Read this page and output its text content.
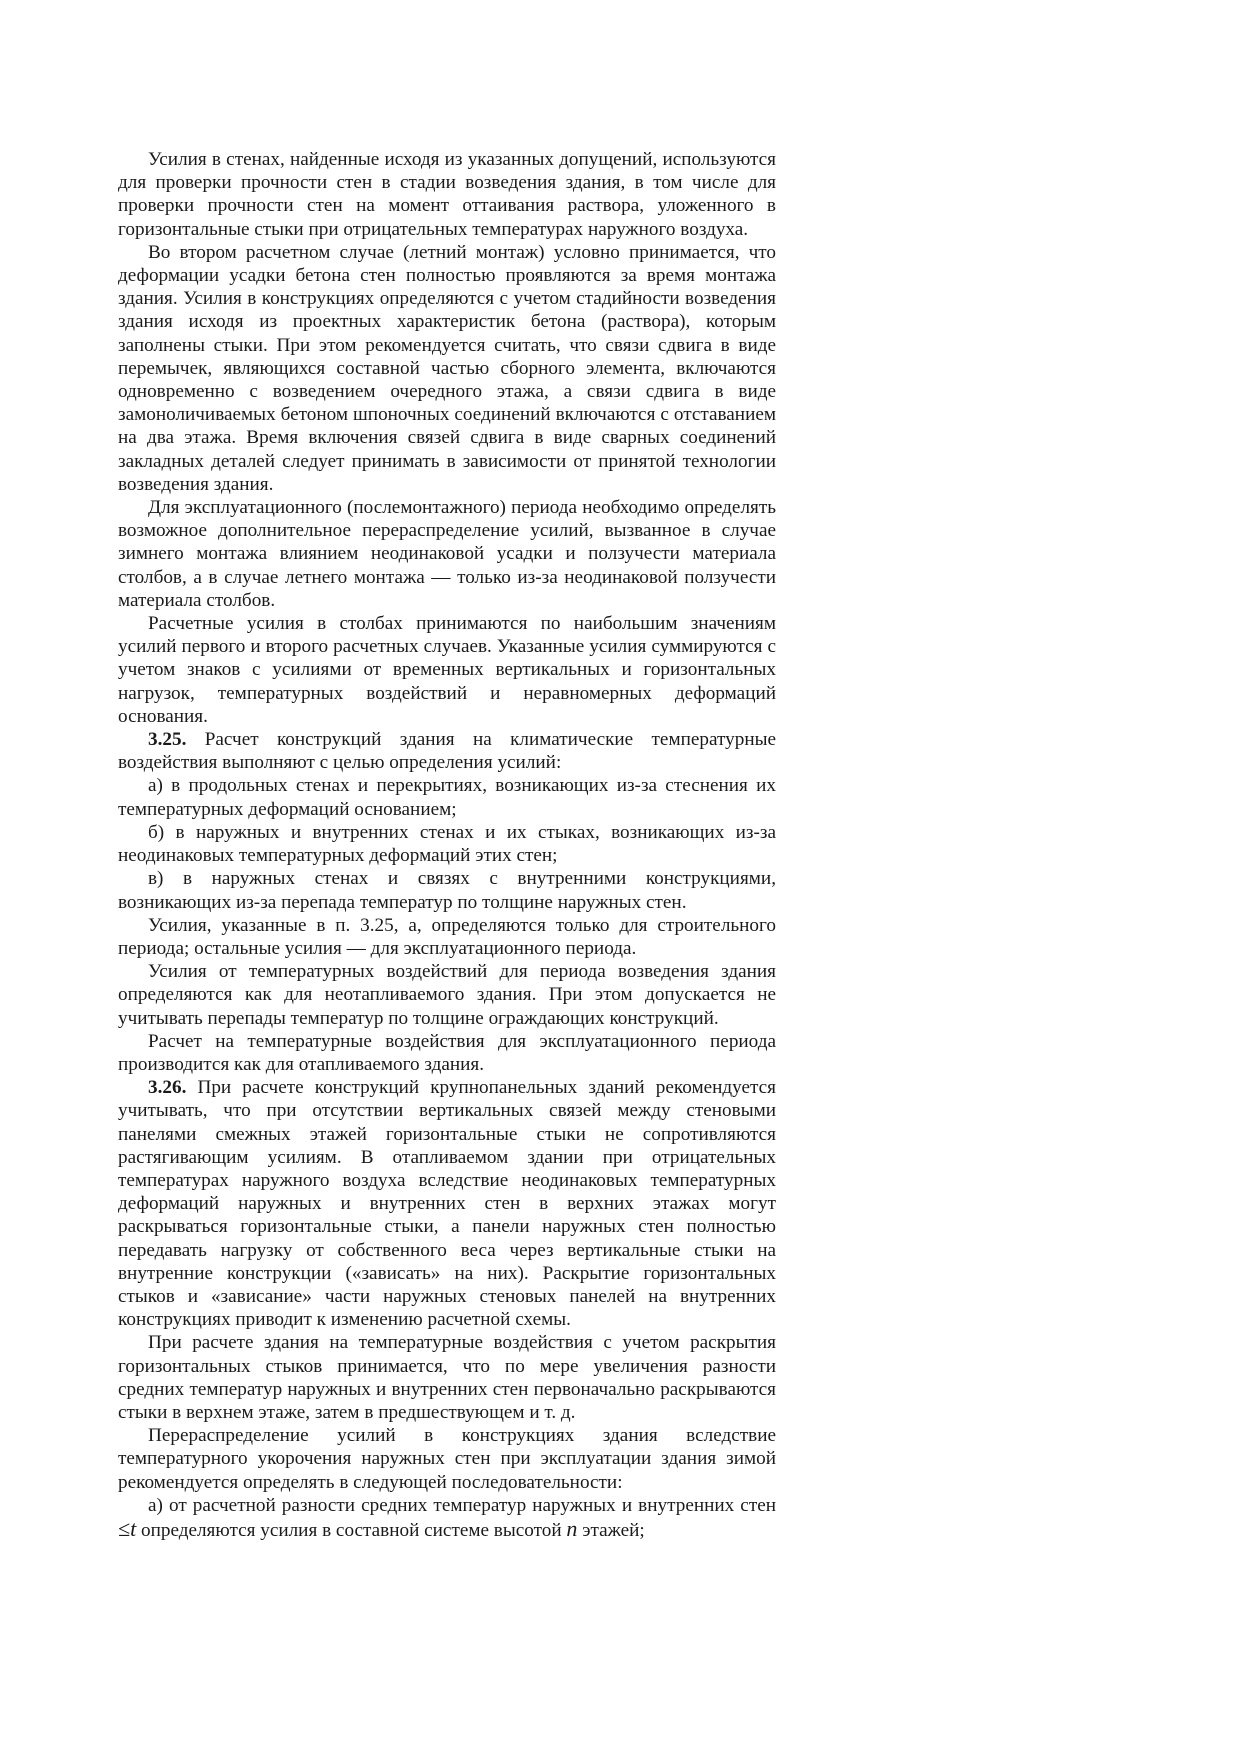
Усилия в стенах, найденные исходя из указанных допущений, используются для проверки прочности стен в стадии возведения здания, в том числе для проверки прочности стен на момент оттаивания раствора, уложенного в горизонтальные стыки при отрицательных температурах наружного воздуха.

Во втором расчетном случае (летний монтаж) условно принимается, что деформации усадки бетона стен полностью проявляются за время монтажа здания. Усилия в конструкциях определяются с учетом стадийности возведения здания исходя из проектных характеристик бетона (раствора), которым заполнены стыки. При этом рекомендуется считать, что связи сдвига в виде перемычек, являющихся составной частью сборного элемента, включаются одновременно с возведением очередного этажа, а связи сдвига в виде замоноличиваемых бетоном шпоночных соединений включаются с отставанием на два этажа. Время включения связей сдвига в виде сварных соединений закладных деталей следует принимать в зависимости от принятой технологии возведения здания.

Для эксплуатационного (послемонтажного) периода необходимо определять возможное дополнительное перераспределение усилий, вызванное в случае зимнего монтажа влиянием неодинаковой усадки и ползучести материала столбов, а в случае летнего монтажа — только из-за неодинаковой ползучести материала столбов.

Расчетные усилия в столбах принимаются по наибольшим значениям усилий первого и второго расчетных случаев. Указанные усилия суммируются с учетом знаков с усилиями от временных вертикальных и горизонтальных нагрузок, температурных воздействий и неравномерных деформаций основания.

3.25. Расчет конструкций здания на климатические температурные воздействия выполняют с целью определения усилий:

а) в продольных стенах и перекрытиях, возникающих из-за стеснения их температурных деформаций основанием;

б) в наружных и внутренних стенах и их стыках, возникающих из-за неодинаковых температурных деформаций этих стен;

в) в наружных стенах и связях с внутренними конструкциями, возникающих из-за перепада температур по толщине наружных стен.

Усилия, указанные в п. 3.25, а, определяются только для строительного периода; остальные усилия — для эксплуатационного периода.

Усилия от температурных воздействий для периода возведения здания определяются как для неотапливаемого здания. При этом допускается не учитывать перепады температур по толщине ограждающих конструкций.

Расчет на температурные воздействия для эксплуатационного периода производится как для отапливаемого здания.

3.26. При расчете конструкций крупнопанельных зданий рекомендуется учитывать, что при отсутствии вертикальных связей между стеновыми панелями смежных этажей горизонтальные стыки не сопротивляются растягивающим усилиям. В отапливаемом здании при отрицательных температурах наружного воздуха вследствие неодинаковых температурных деформаций наружных и внутренних стен в верхних этажах могут раскрываться горизонтальные стыки, а панели наружных стен полностью передавать нагрузку от собственного веса через вертикальные стыки на внутренние конструкции («зависать» на них). Раскрытие горизонтальных стыков и «зависание» части наружных стеновых панелей на внутренних конструкциях приводит к изменению расчетной схемы.

При расчете здания на температурные воздействия с учетом раскрытия горизонтальных стыков принимается, что по мере увеличения разности средних температур наружных и внутренних стен первоначально раскрываются стыки в верхнем этаже, затем в предшествующем и т. д.

Перераспределение усилий в конструкциях здания вследствие температурного укорочения наружных стен при эксплуатации здания зимой рекомендуется определять в следующей последовательности:

а) от расчетной разности средних температур наружных и внутренних стен ≤t определяются усилия в составной системе высотой n этажей;
